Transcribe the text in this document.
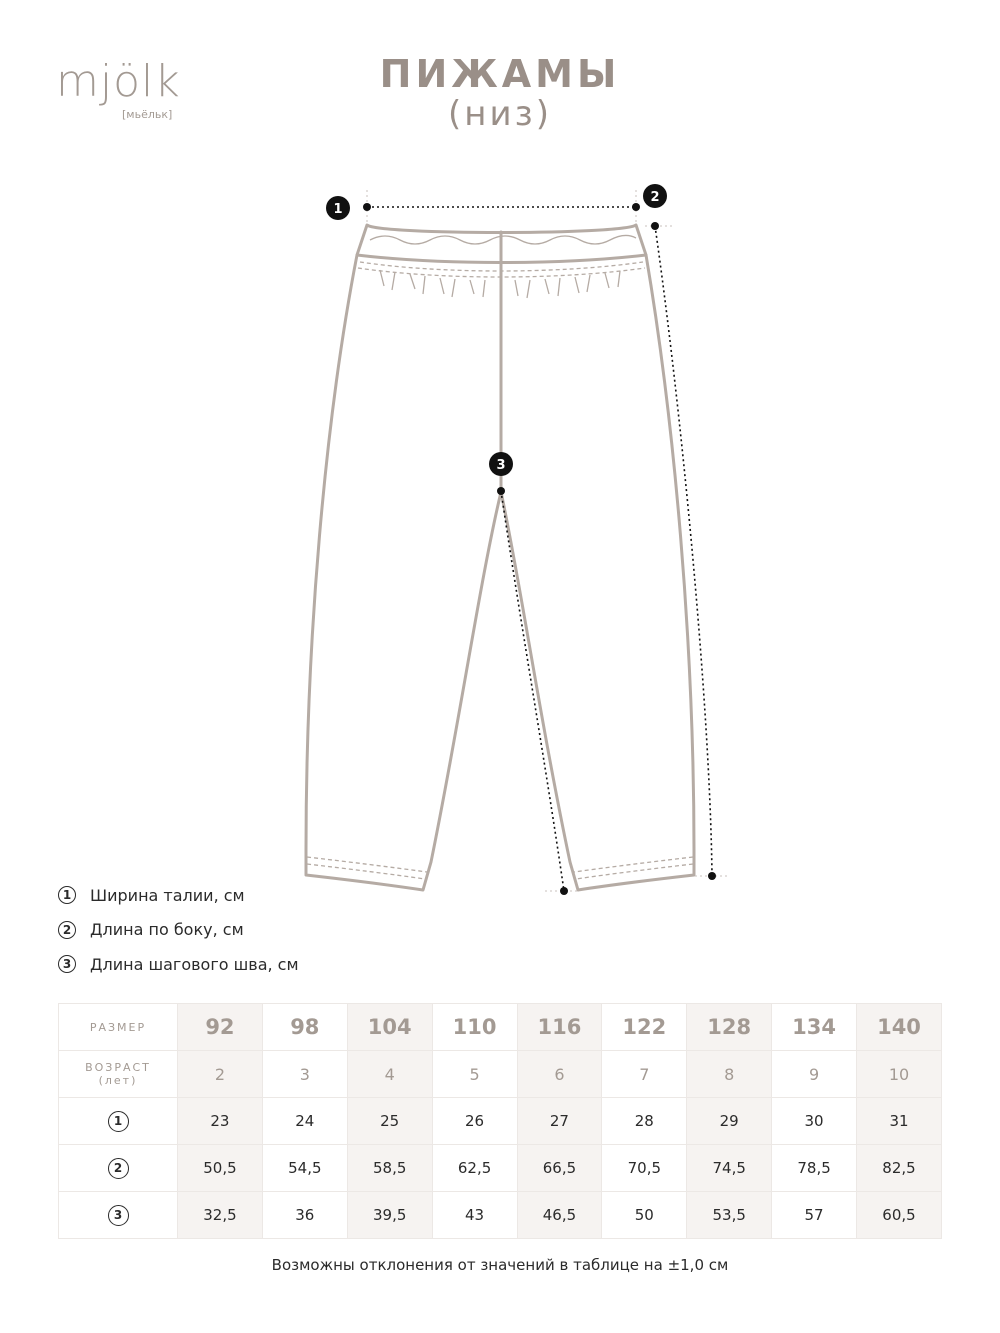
mjölk
[мьёльк]
ПИЖАМЫ
(низ)
1
2
3
1	Ширина талии, см
2	Длина по боку, см
3	Длина шагового шва, см
РАЗМЕР	92	98	104	110	116	122	128	134	140

ВОЗРАСТ
(лет)	2	3	4	5	6	7	8	9	10
1	23	24	25	26	27	28	29	30	31
2	50,5	54,5	58,5	62,5	66,5	70,5	74,5	78,5	82,5
3	32,5	36	39,5	43	46,5	50	53,5	57	60,5
Возможны отклонения от значений в таблице на ±1,0 см
